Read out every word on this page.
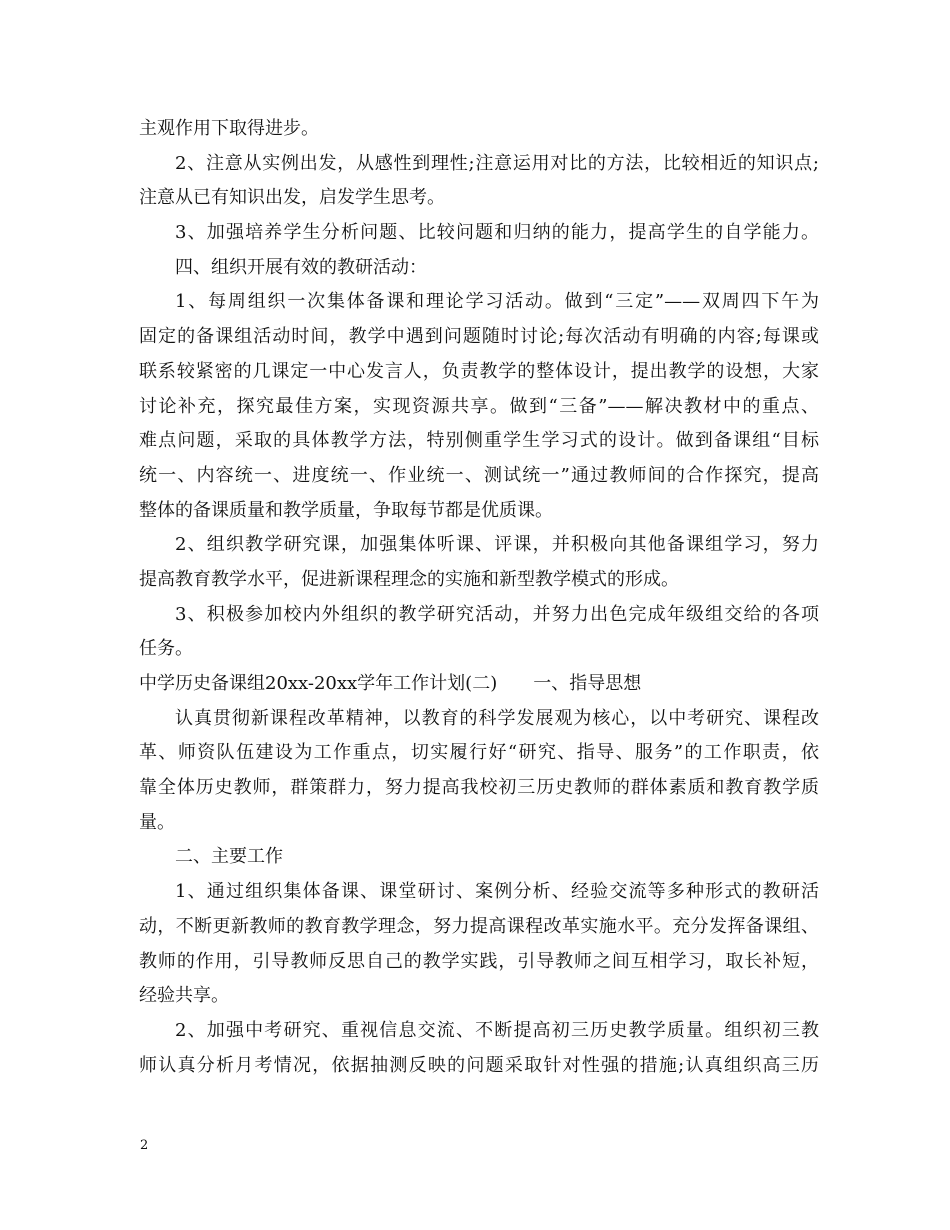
主观作用下取得进步。
2、注意从实例出发，从感性到理性;注意运用对比的方法，比较相近的知识点;
注意从已有知识出发，启发学生思考。
3、加强培养学生分析问题、比较问题和归纳的能力，提高学生的自学能力。
四、组织开展有效的教研活动：
1、每周组织一次集体备课和理论学习活动。做到“三定”——双周四下午为
固定的备课组活动时间，教学中遇到问题随时讨论;每次活动有明确的内容;每课或
联系较紧密的几课定一中心发言人，负责教学的整体设计，提出教学的设想，大家
讨论补充，探究最佳方案，实现资源共享。做到“三备”——解决教材中的重点、
难点问题，采取的具体教学方法，特别侧重学生学习式的设计。做到备课组“目标
统一、内容统一、进度统一、作业统一、测试统一”通过教师间的合作探究，提高
整体的备课质量和教学质量，争取每节都是优质课。
2、组织教学研究课，加强集体听课、评课，并积极向其他备课组学习，努力
提高教育教学水平，促进新课程理念的实施和新型教学模式的形成。
3、积极参加校内外组织的教学研究活动，并努力出色完成年级组交给的各项
任务。
中学历史备课组20xx-20xx学年工作计划(二)　　一、指导思想
认真贯彻新课程改革精神，以教育的科学发展观为核心，以中考研究、课程改
革、师资队伍建设为工作重点，切实履行好“研究、指导、服务”的工作职责，依
靠全体历史教师，群策群力，努力提高我校初三历史教师的群体素质和教育教学质
量。
二、主要工作
1、通过组织集体备课、课堂研讨、案例分析、经验交流等多种形式的教研活
动，不断更新教师的教育教学理念，努力提高课程改革实施水平。充分发挥备课组、
教师的作用，引导教师反思自己的教学实践，引导教师之间互相学习，取长补短，
经验共享。
2、加强中考研究、重视信息交流、不断提高初三历史教学质量。组织初三教
师认真分析月考情况，依据抽测反映的问题采取针对性强的措施;认真组织高三历
2
